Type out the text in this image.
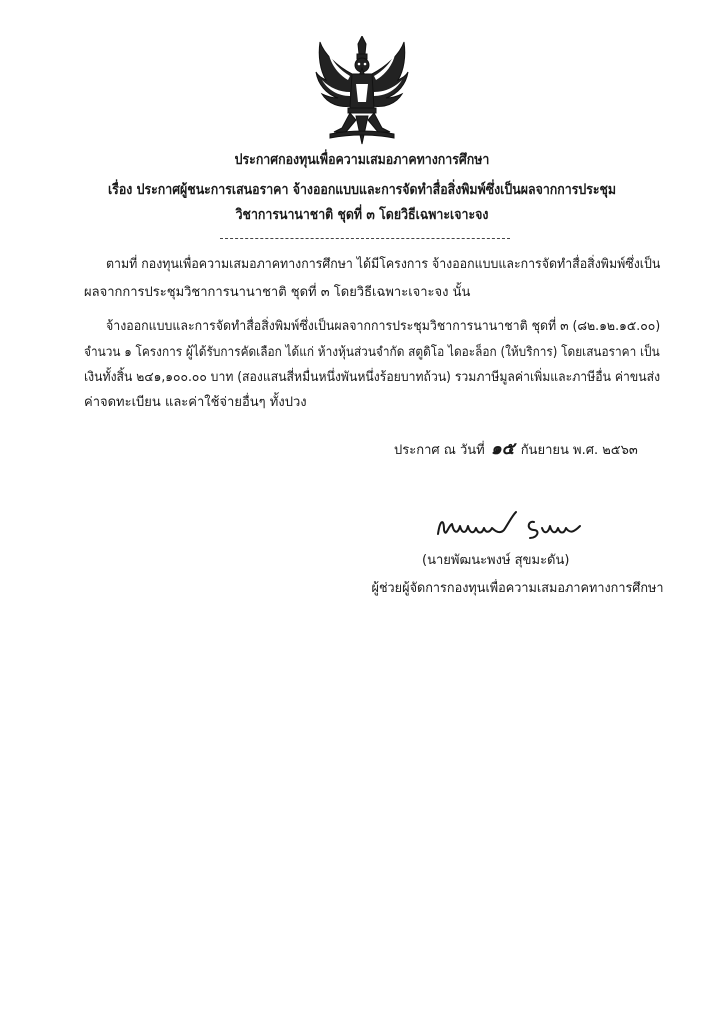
ประกาศกองทุนเพื่อความเสมอภาคทางการศึกษา
เรื่อง ประกาศผู้ชนะการเสนอราคา จ้างออกแบบและการจัดทำสื่อสิ่งพิมพ์ซึ่งเป็นผลจากการประชุม
วิชาการนานาชาติ ชุดที่ ๓ โดยวิธีเฉพาะเจาะจง
ตามที่ กองทุนเพื่อความเสมอภาคทางการศึกษา ได้มีโครงการ จ้างออกแบบและการจัดทำสื่อสิ่งพิมพ์ซึ่งเป็น
ผลจากการประชุมวิชาการนานาชาติ ชุดที่ ๓ โดยวิธีเฉพาะเจาะจง นั้น
จ้างออกแบบและการจัดทำสื่อสิ่งพิมพ์ซึ่งเป็นผลจากการประชุมวิชาการนานาชาติ ชุดที่ ๓ (๘๒.๑๒.๑๕.๐๐)
จำนวน ๑ โครงการ ผู้ได้รับการคัดเลือก ได้แก่ ห้างหุ้นส่วนจำกัด สตูดิโอ ไดอะล็อก (ให้บริการ) โดยเสนอราคา เป็น
เงินทั้งสิ้น ๒๔๑,๑๐๐.๐๐ บาท (สองแสนสี่หมื่นหนึ่งพันหนึ่งร้อยบาทถ้วน) รวมภาษีมูลค่าเพิ่มและภาษีอื่น ค่าขนส่ง
ค่าจดทะเบียน และค่าใช้จ่ายอื่นๆ ทั้งปวง
ประกาศ ณ วันที่ ๑๕ กันยายน พ.ศ. ๒๕๖๓
(นายพัฒนะพงษ์ สุขมะดัน)
ผู้ช่วยผู้จัดการกองทุนเพื่อความเสมอภาคทางการศึกษา
